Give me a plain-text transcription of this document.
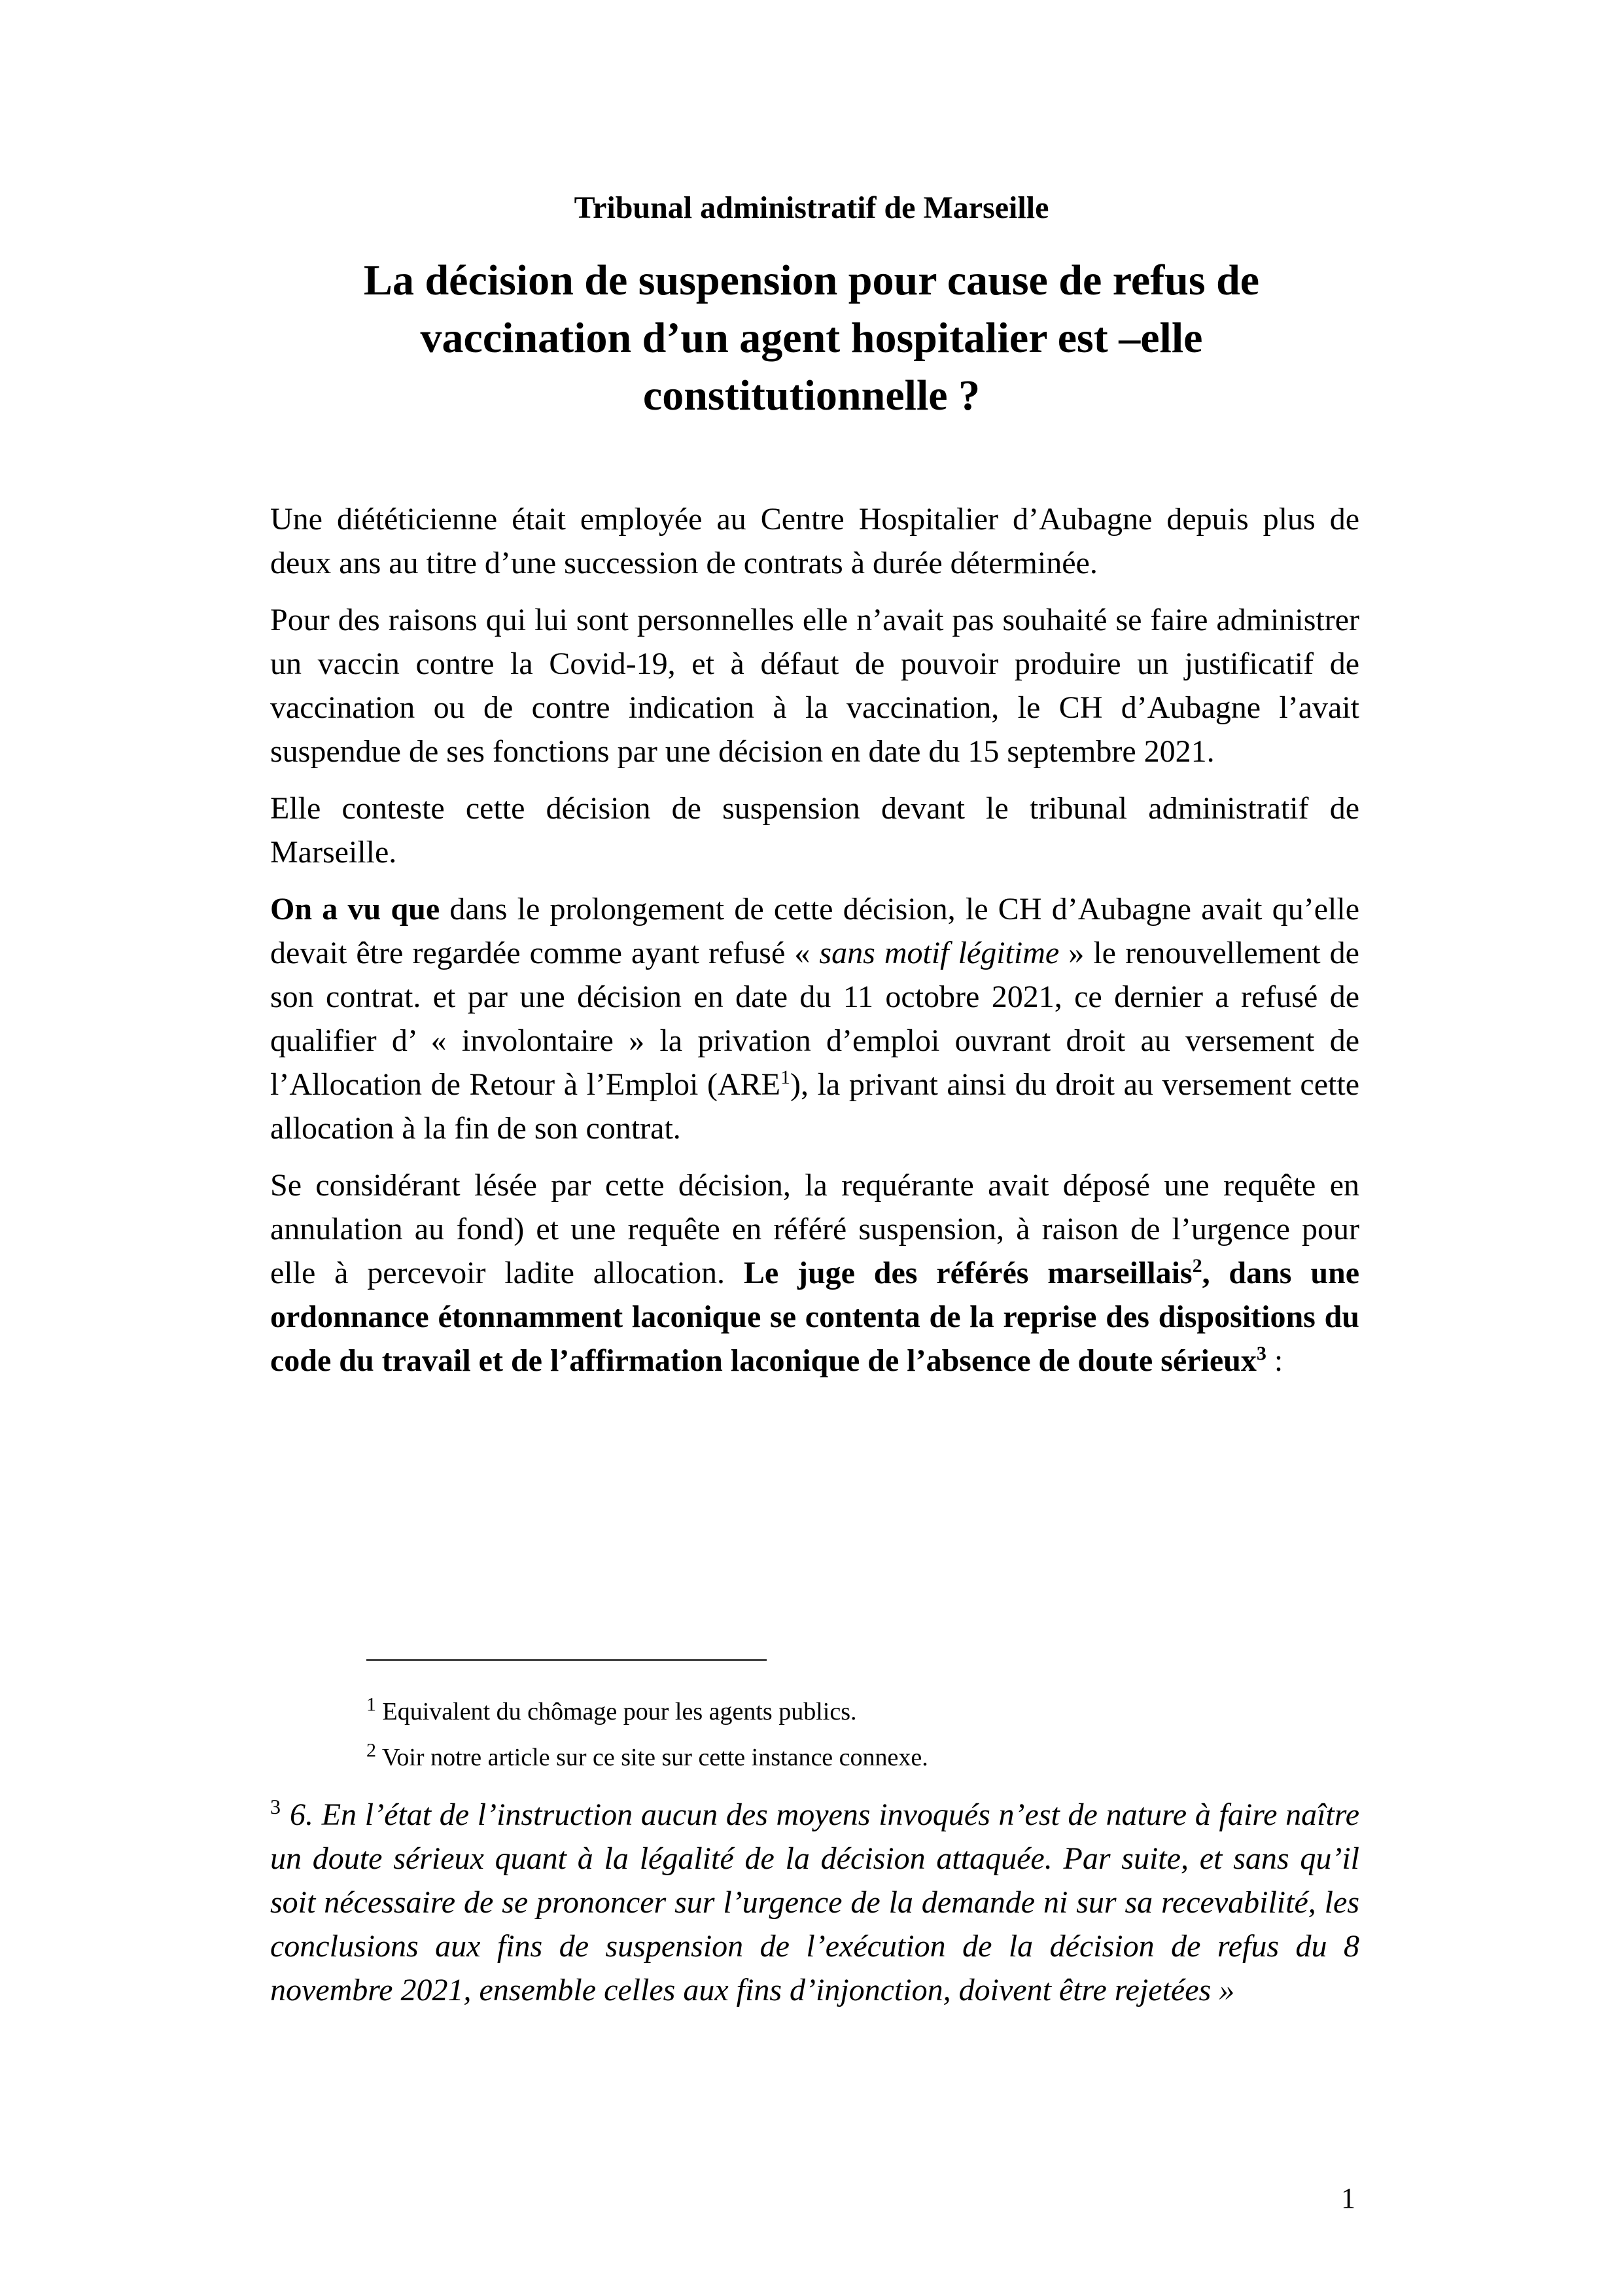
Tribunal administratif de Marseille
La décision de suspension pour cause de refus de
vaccination d’un agent hospitalier est –elle
constitutionnelle ?

Une diététicienne était employée au Centre Hospitalier d’Aubagne depuis plus de deux ans au titre d’une succession de contrats à durée déterminée.

Pour des raisons qui lui sont personnelles elle n’avait pas souhaité se faire administrer un vaccin contre la Covid-19, et à défaut de pouvoir produire un justificatif de vaccination ou de contre indication à la vaccination, le CH d’Aubagne l’avait suspendue de ses fonctions par une décision en date du 15 septembre 2021.

Elle conteste cette décision de suspension devant le tribunal administratif de Marseille.

On a vu que dans le prolongement de cette décision, le CH d’Aubagne avait qu’elle devait être regardée comme ayant refusé « sans motif légitime » le renouvellement de son contrat. et par une décision en date du 11 octobre 2021, ce dernier a refusé de qualifier d’ « involontaire » la privation d’emploi ouvrant droit au versement de l’Allocation de Retour à l’Emploi (ARE$^1$), la privant ainsi du droit au versement cette allocation à la fin de son contrat.

Se considérant lésée par cette décision, la requérante avait déposé une requête en annulation au fond) et une requête en référé suspension, à raison de l’urgence pour elle à percevoir ladite allocation. Le juge des référés marseillais$^2$, dans une ordonnance étonnamment laconique se contenta de la reprise des dispositions du code du travail et de l’affirmation laconique de l’absence de doute sérieux$^3$ :

$^1$ Equivalent du chômage pour les agents publics.
$^2$ Voir notre article sur ce site sur cette instance connexe.
$^3$ 6. En l’état de l’instruction aucun des moyens invoqués n’est de nature à faire naître un doute sérieux quant à la légalité de la décision attaquée. Par suite, et sans qu’il soit nécessaire de se prononcer sur l’urgence de la demande ni sur sa recevabilité, les conclusions aux fins de suspension de l’exécution de la décision de refus du 8 novembre 2021, ensemble celles aux fins d’injonction, doivent être rejetées »
1
